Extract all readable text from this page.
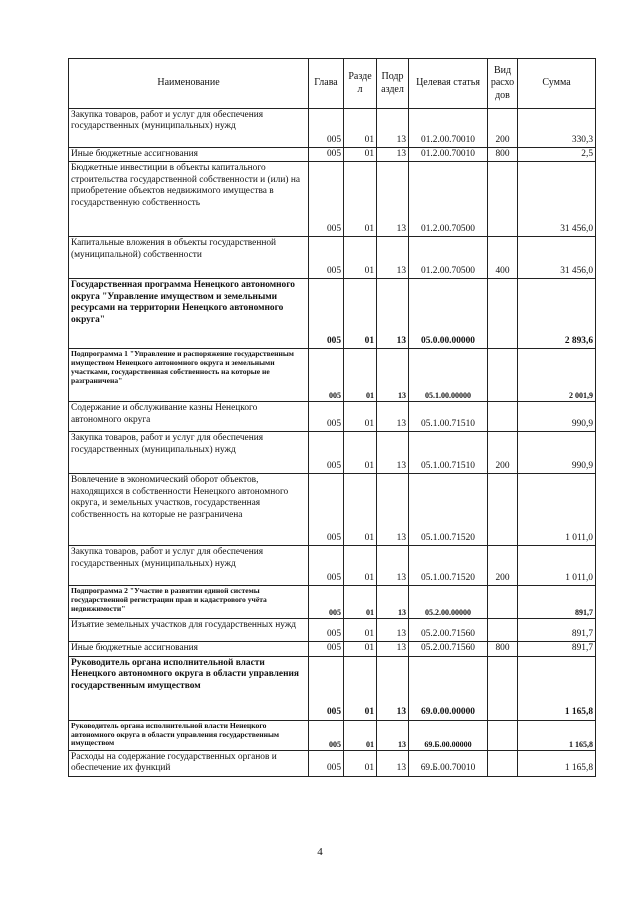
Наименование	Глава	Разде л	Подр аздел	Целевая статья	Вид расхо дов	Сумма
Закупка товаров, работ и услуг для обеспечения государственных (муниципальных) нужд	005	01	13	01.2.00.70010	200	330,3
Иные бюджетные ассигнования	005	01	13	01.2.00.70010	800	2,5
Бюджетные инвестиции в объекты капитального строительства государственной собственности и (или) на приобретение объектов недвижимого имущества в государственную собственность	005	01	13	01.2.00.70500		31 456,0
Капитальные вложения в объекты государственной (муниципальной) собственности	005	01	13	01.2.00.70500	400	31 456,0
Государственная программа Ненецкого автономного округа "Управление имуществом и земельными ресурсами на территории Ненецкого автономного округа"	005	01	13	05.0.00.00000		2 893,6
Подпрограмма 1 "Управление и распоряжение государственным имуществом Ненецкого автономного округа и земельными участками, государственная собственность на которые не разграничена"	005	01	13	05.1.00.00000		2 001,9
Содержание и обслуживание казны Ненецкого автономного округа	005	01	13	05.1.00.71510		990,9
Закупка товаров, работ и услуг для обеспечения государственных (муниципальных) нужд	005	01	13	05.1.00.71510	200	990,9
Вовлечение в экономический оборот объектов, находящихся в собственности Ненецкого автономного округа, и земельных участков, государственная собственность на которые не разграничена	005	01	13	05.1.00.71520		1 011,0
Закупка товаров, работ и услуг для обеспечения государственных (муниципальных) нужд	005	01	13	05.1.00.71520	200	1 011,0
Подпрограмма 2 "Участие в развитии единой системы государственной регистрации прав и кадастрового учёта недвижимости"	005	01	13	05.2.00.00000		891,7
Изъятие земельных участков для государственных нужд	005	01	13	05.2.00.71560		891,7
Иные бюджетные ассигнования	005	01	13	05.2.00.71560	800	891,7
Руководитель органа исполнительной власти Ненецкого автономного округа в области управления государственным имуществом	005	01	13	69.0.00.00000		1 165,8
Руководитель органа исполнительной власти Ненецкого автономного округа в области управления государственным имуществом	005	01	13	69.Б.00.00000		1 165,8
Расходы на содержание государственных органов и обеспечение их функций	005	01	13	69.Б.00.70010		1 165,8
4
